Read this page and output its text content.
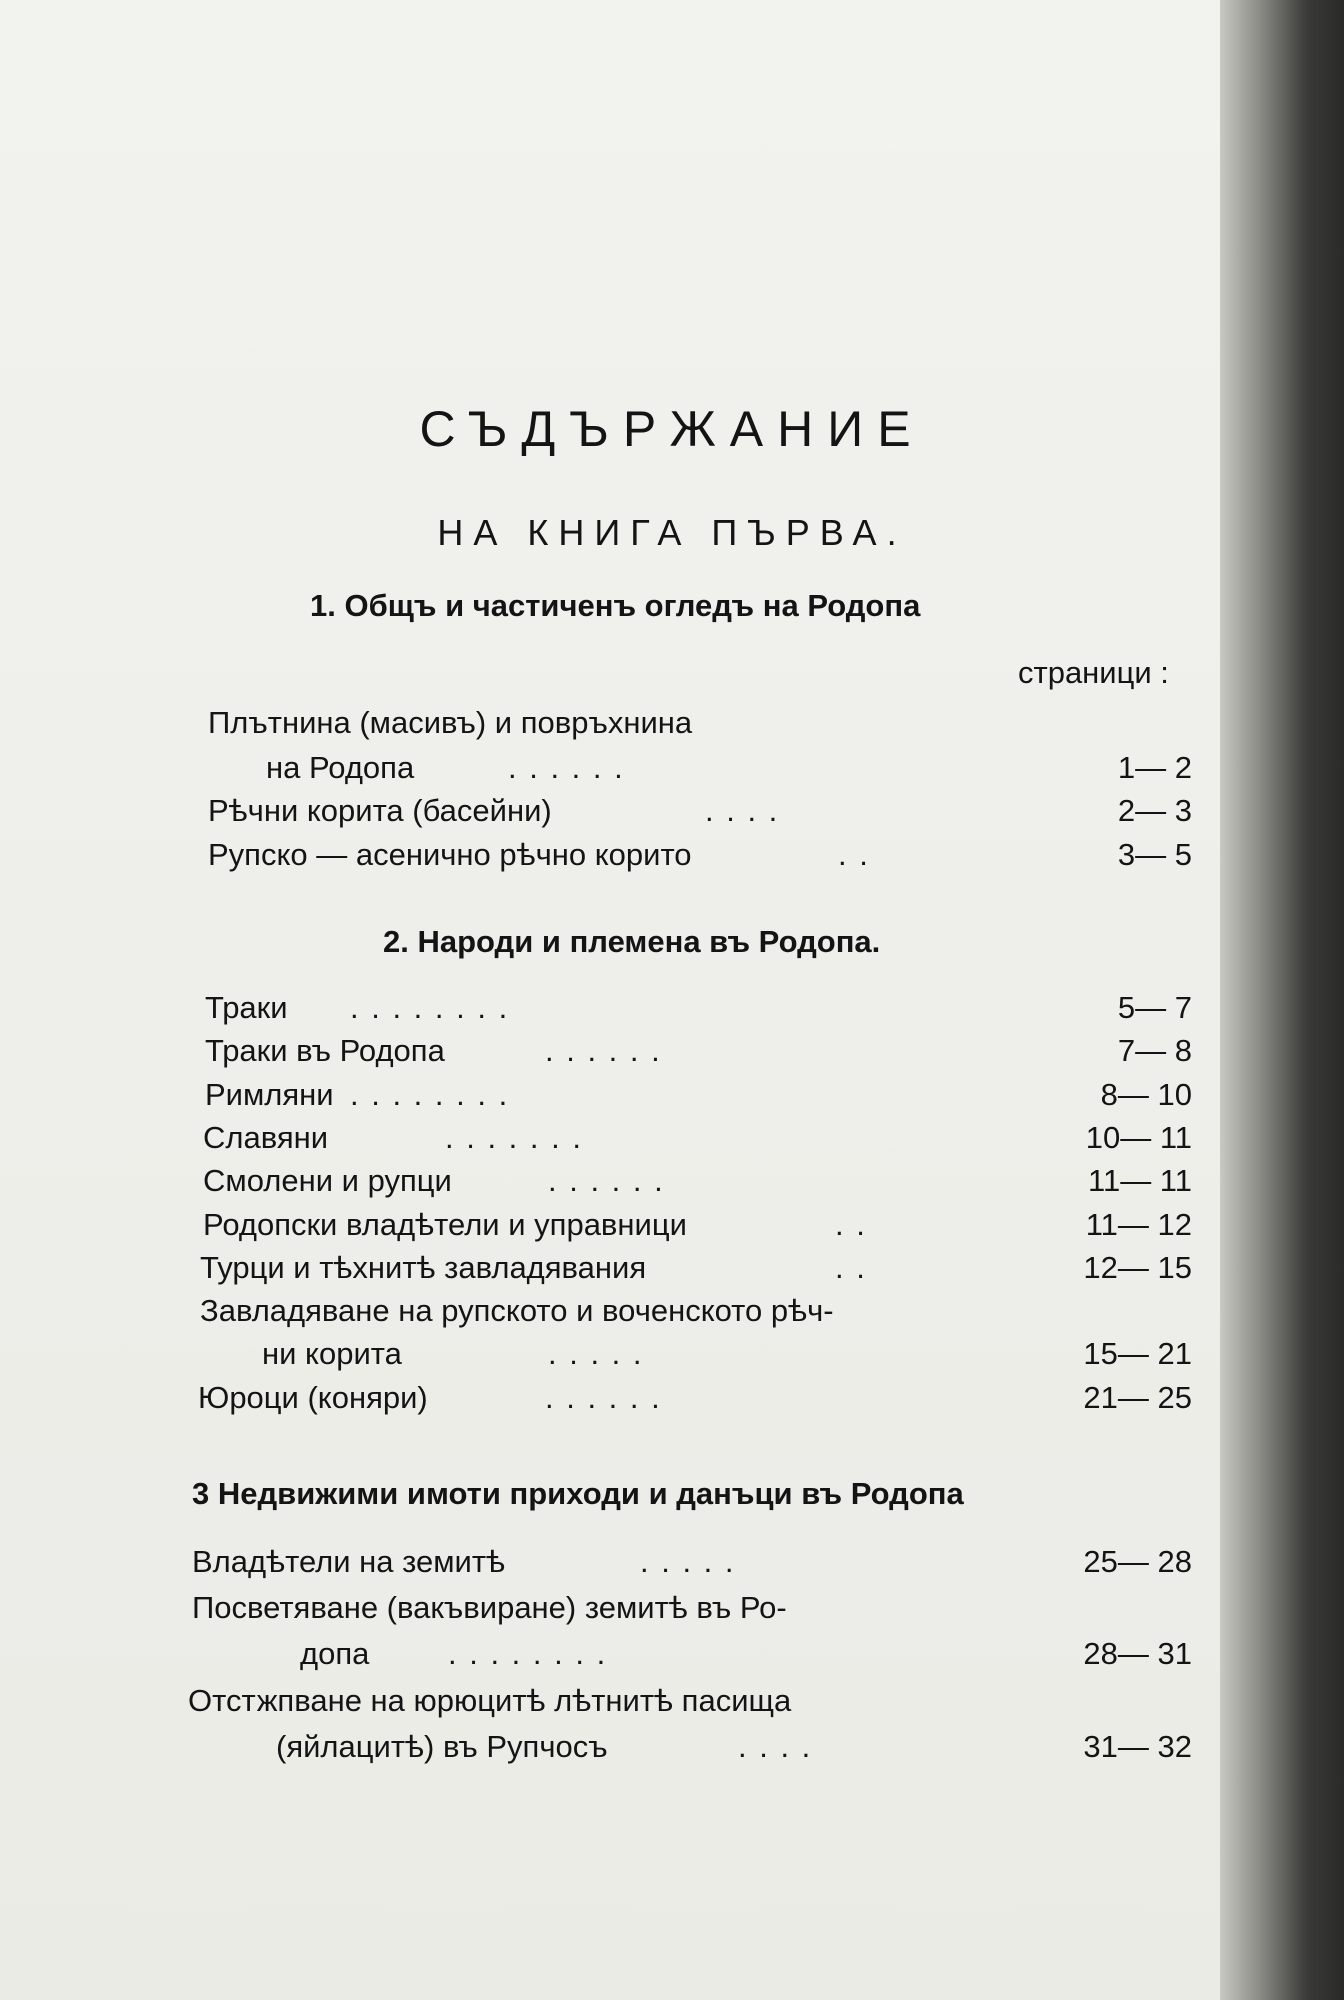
СЪДЪРЖАНИЕ
НА КНИГА ПЪРВА.
1. Общъ и частиченъ огледъ на Родопа
страници :
Плътнина (масивъ) и повръхнина
на Родопа	. . . . . .	1— 2
Рѣчни корита (басейни)	. . . .	2— 3
Рупско — асенично рѣчно корито	. .	3— 5
2. Народи и племена въ Родопа.
Траки . . . . . . . .	5— 7
Траки въ Родопа	. . . . . .	7— 8
Римляни . . . . . . . .	8— 10
Славяни	. . . . . . .	10— 11
Смолени и рупци	. . . . . .	11— 11
Родопски владѣтели и управници	. .	11— 12
Турци и тѣхнитѣ завладявания	. .	12— 15
Завладяване на рупското и воченското рѣч-
ни корита	. . . . .	15— 21
Юроци (коняри)	. . . . . .	21— 25
3 Недвижими имоти приходи и данъци въ Родопа
Владѣтели на земитѣ	. . . . .	25— 28
Посветяване (вакъвиране) земитѣ въ Ро-
допа	. . . . . . . .	28— 31
Отстжпване на юрюцитѣ лѣтнитѣ пасища
(яйлацитѣ) въ Рупчосъ	. . . .	31— 32
